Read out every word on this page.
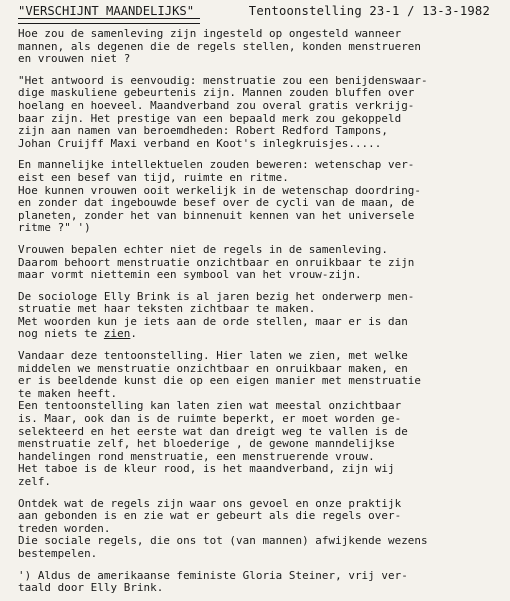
"VERSCHIJNT MAANDELIJKS"	Tentoonstelling 23-1 / 13-3-1982
Hoe zou de samenleving zijn ingesteld op ongesteld wanneer
mannen, als degenen die de regels stellen, konden menstrueren
en vrouwen niet ?
"Het antwoord is eenvoudig: menstruatie zou een benijdenswaar-
dige maskuliene gebeurtenis zijn. Mannen zouden bluffen over
hoelang en hoeveel. Maandverband zou overal gratis verkrijg-
baar zijn. Het prestige van een bepaald merk zou gekoppeld
zijn aan namen van beroemdheden: Robert Redford Tampons,
Johan Cruijff Maxi verband en Koot's inlegkruisjes.....
En mannelijke intellektuelen zouden beweren: wetenschap ver-
eist een besef van tijd, ruimte en ritme.
Hoe kunnen vrouwen ooit werkelijk in de wetenschap doordring-
en zonder dat ingebouwde besef over de cycli van de maan, de
planeten, zonder het van binnenuit kennen van het universele
ritme ?" ')
Vrouwen bepalen echter niet de regels in de samenleving.
Daarom behoort menstruatie onzichtbaar en onruikbaar te zijn
maar vormt niettemin een symbool van het vrouw-zijn.
De sociologe Elly Brink is al jaren bezig het onderwerp men-
struatie met haar teksten zichtbaar te maken.
Met woorden kun je iets aan de orde stellen, maar er is dan
nog niets te zien.
Vandaar deze tentoonstelling. Hier laten we zien, met welke
middelen we menstruatie onzichtbaar en onruikbaar maken, en
er is beeldende kunst die op een eigen manier met menstruatie
te maken heeft.
Een tentoonstelling kan laten zien wat meestal onzichtbaar
is. Maar, ook dan is de ruimte beperkt, er moet worden ge-
selekteerd en het eerste wat dan dreigt weg te vallen is de
menstruatie zelf, het bloederige , de gewone manndelijkse
handelingen rond menstruatie, een menstruerende vrouw.
Het taboe is de kleur rood, is het maandverband, zijn wij
zelf.
Ontdek wat de regels zijn waar ons gevoel en onze praktijk
aan gebonden is en zie wat er gebeurt als die regels over-
treden worden.
Die sociale regels, die ons tot (van mannen) afwijkende wezens
bestempelen.
') Aldus de amerikaanse feministe Gloria Steiner, vrij ver-
taald door Elly Brink.
